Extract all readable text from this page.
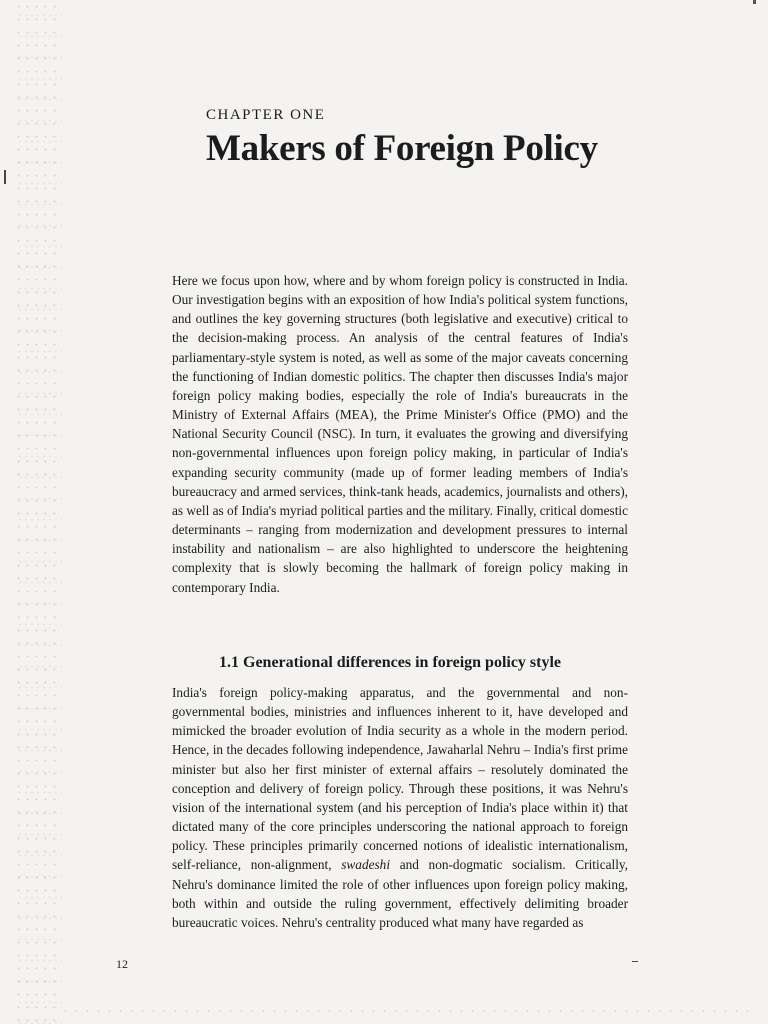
CHAPTER ONE
Makers of Foreign Policy

Here we focus upon how, where and by whom foreign policy is constructed in India. Our investigation begins with an exposition of how India's political system functions, and outlines the key governing structures (both legislative and executive) critical to the decision-making process. An analysis of the central features of India's parliamentary-style system is noted, as well as some of the major caveats concerning the functioning of Indian domestic politics. The chapter then discusses India's major foreign policy making bodies, especially the role of India's bureaucrats in the Ministry of External Affairs (MEA), the Prime Minister's Office (PMO) and the National Security Council (NSC). In turn, it evaluates the growing and diversifying non-governmental influences upon foreign policy making, in particular of India's expanding security community (made up of former leading members of India's bureaucracy and armed services, think-tank heads, academics, journalists and others), as well as of India's myriad political parties and the military. Finally, critical domestic determinants – ranging from modernization and development pressures to internal instability and nationalism – are also highlighted to underscore the heightening complexity that is slowly becoming the hallmark of foreign policy making in contemporary India.

1.1 Generational differences in foreign policy style

India's foreign policy-making apparatus, and the governmental and non-governmental bodies, ministries and influences inherent to it, have developed and mimicked the broader evolution of India security as a whole in the modern period. Hence, in the decades following independence, Jawaharlal Nehru – India's first prime minister but also her first minister of external affairs – resolutely dominated the conception and delivery of foreign policy. Through these positions, it was Nehru's vision of the international system (and his perception of India's place within it) that dictated many of the core principles underscoring the national approach to foreign policy. These principles primarily concerned notions of idealistic internationalism, self-reliance, non-alignment, swadeshi and non-dogmatic socialism. Critically, Nehru's dominance limited the role of other influences upon foreign policy making, both within and outside the ruling government, effectively delimiting broader bureaucratic voices. Nehru's centrality produced what many have regarded as

12
